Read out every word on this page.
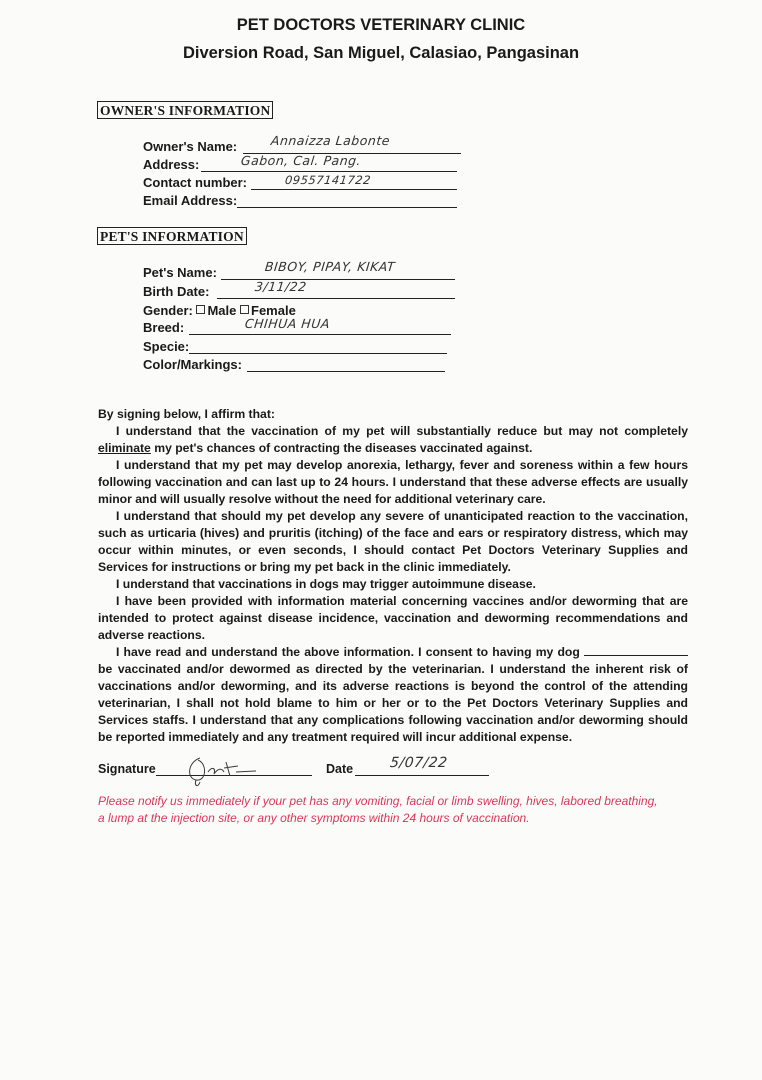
PET DOCTORS VETERINARY CLINIC
Diversion Road, San Miguel, Calasiao, Pangasinan
OWNER'S INFORMATION
Owner's Name:	Annaizza Labonte
Address:	Gabon, Cal. Pang.
Contact number:	09557141722
Email Address:
PET'S INFORMATION
Pet's Name:	BIBOY, PIPAY, KIKAT
Birth Date:	3/11/22
Gender: Male Female
Breed:	CHIHUA HUA
Specie:
Color/Markings:

By signing below, I affirm that:

I understand that the vaccination of my pet will substantially reduce but may not completely eliminate my pet's chances of contracting the diseases vaccinated against.

I understand that my pet may develop anorexia, lethargy, fever and soreness within a few hours following vaccination and can last up to 24 hours. I understand that these adverse effects are usually minor and will usually resolve without the need for additional veterinary care.

I understand that should my pet develop any severe of unanticipated reaction to the vaccination, such as urticaria (hives) and pruritis (itching) of the face and ears or respiratory distress, which may occur within minutes, or even seconds, I should contact Pet Doctors Veterinary Supplies and Services for instructions or bring my pet back in the clinic immediately.

I understand that vaccinations in dogs may trigger autoimmune disease.

I have been provided with information material concerning vaccines and/or deworming that are intended to protect against disease incidence, vaccination and deworming recommendations and adverse reactions.

I have read and understand the above information. I consent to having my dog  be vaccinated and/or dewormed as directed by the veterinarian. I understand the inherent risk of vaccinations and/or deworming, and its adverse reactions is beyond the control of the attending veterinarian, I shall not hold blame to him or her or to the Pet Doctors Veterinary Supplies and Services staffs. I understand that any complications following vaccination and/or deworming should be reported immediately and any treatment required will incur additional expense.

Signature	Date	5/07/22
Please notify us immediately if your pet has any vomiting, facial or limb swelling, hives, labored breathing, a lump at the injection site, or any other symptoms within 24 hours of vaccination.
